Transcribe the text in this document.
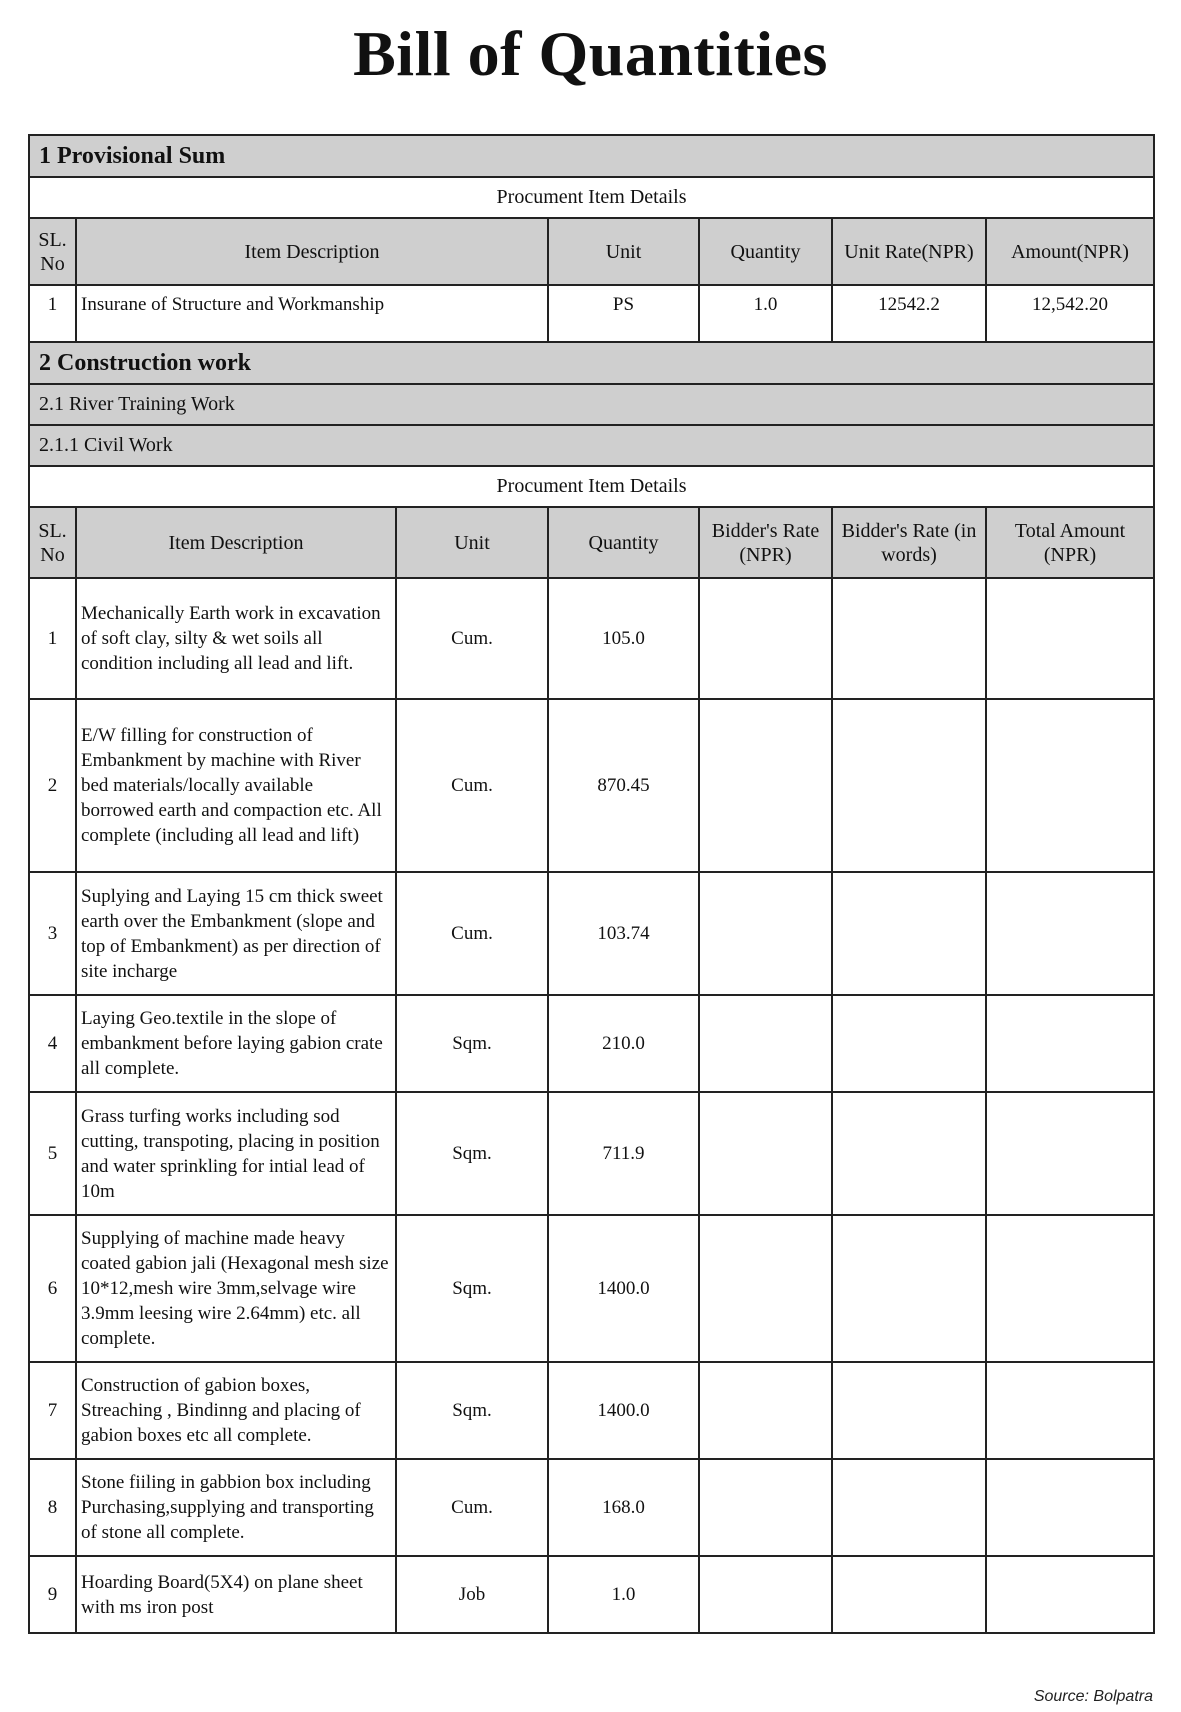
Bill of Quantities
1 Provisional Sum						
Procument Item Details						
SL. No	Item Description		Unit	Quantity	Unit Rate(NPR)	Amount(NPR)
1	Insurane of Structure and Workmanship		PS	1.0	12542.2	12,542.20
2 Construction work						
2.1 River Training Work						
2.1.1 Civil Work						
Procument Item Details						
SL. No	Item Description	Unit	Quantity	Bidder's Rate (NPR)	Bidder's Rate (in words)	Total Amount (NPR)
1	Mechanically Earth work in excavation of soft clay, silty & wet soils all condition including all lead and lift.	Cum.	105.0			
2	E/W filling for construction of Embankment by machine with River bed materials/locally available borrowed earth and compaction etc. All complete (including all lead and lift)	Cum.	870.45			
3	Suplying and Laying 15 cm thick sweet earth over the Embankment (slope and top of Embankment) as per direction of site incharge	Cum.	103.74			
4	Laying Geo.textile in the slope of embankment before laying gabion crate all complete.	Sqm.	210.0			
5	Grass turfing works including sod cutting, transpoting, placing in position and water sprinkling for intial lead of 10m	Sqm.	711.9			
6	Supplying of machine made heavy coated gabion jali (Hexagonal mesh size 10*12,mesh wire 3mm,selvage wire 3.9mm leesing wire 2.64mm) etc. all complete.	Sqm.	1400.0			
7	Construction of gabion boxes, Streaching , Bindinng and placing of gabion boxes etc all complete.	Sqm.	1400.0			
8	Stone fiiling in gabbion box including Purchasing,supplying and transporting of stone all complete.	Cum.	168.0			
9	Hoarding Board(5X4) on plane sheet with ms iron post	Job	1.0			
Source: Bolpatra
